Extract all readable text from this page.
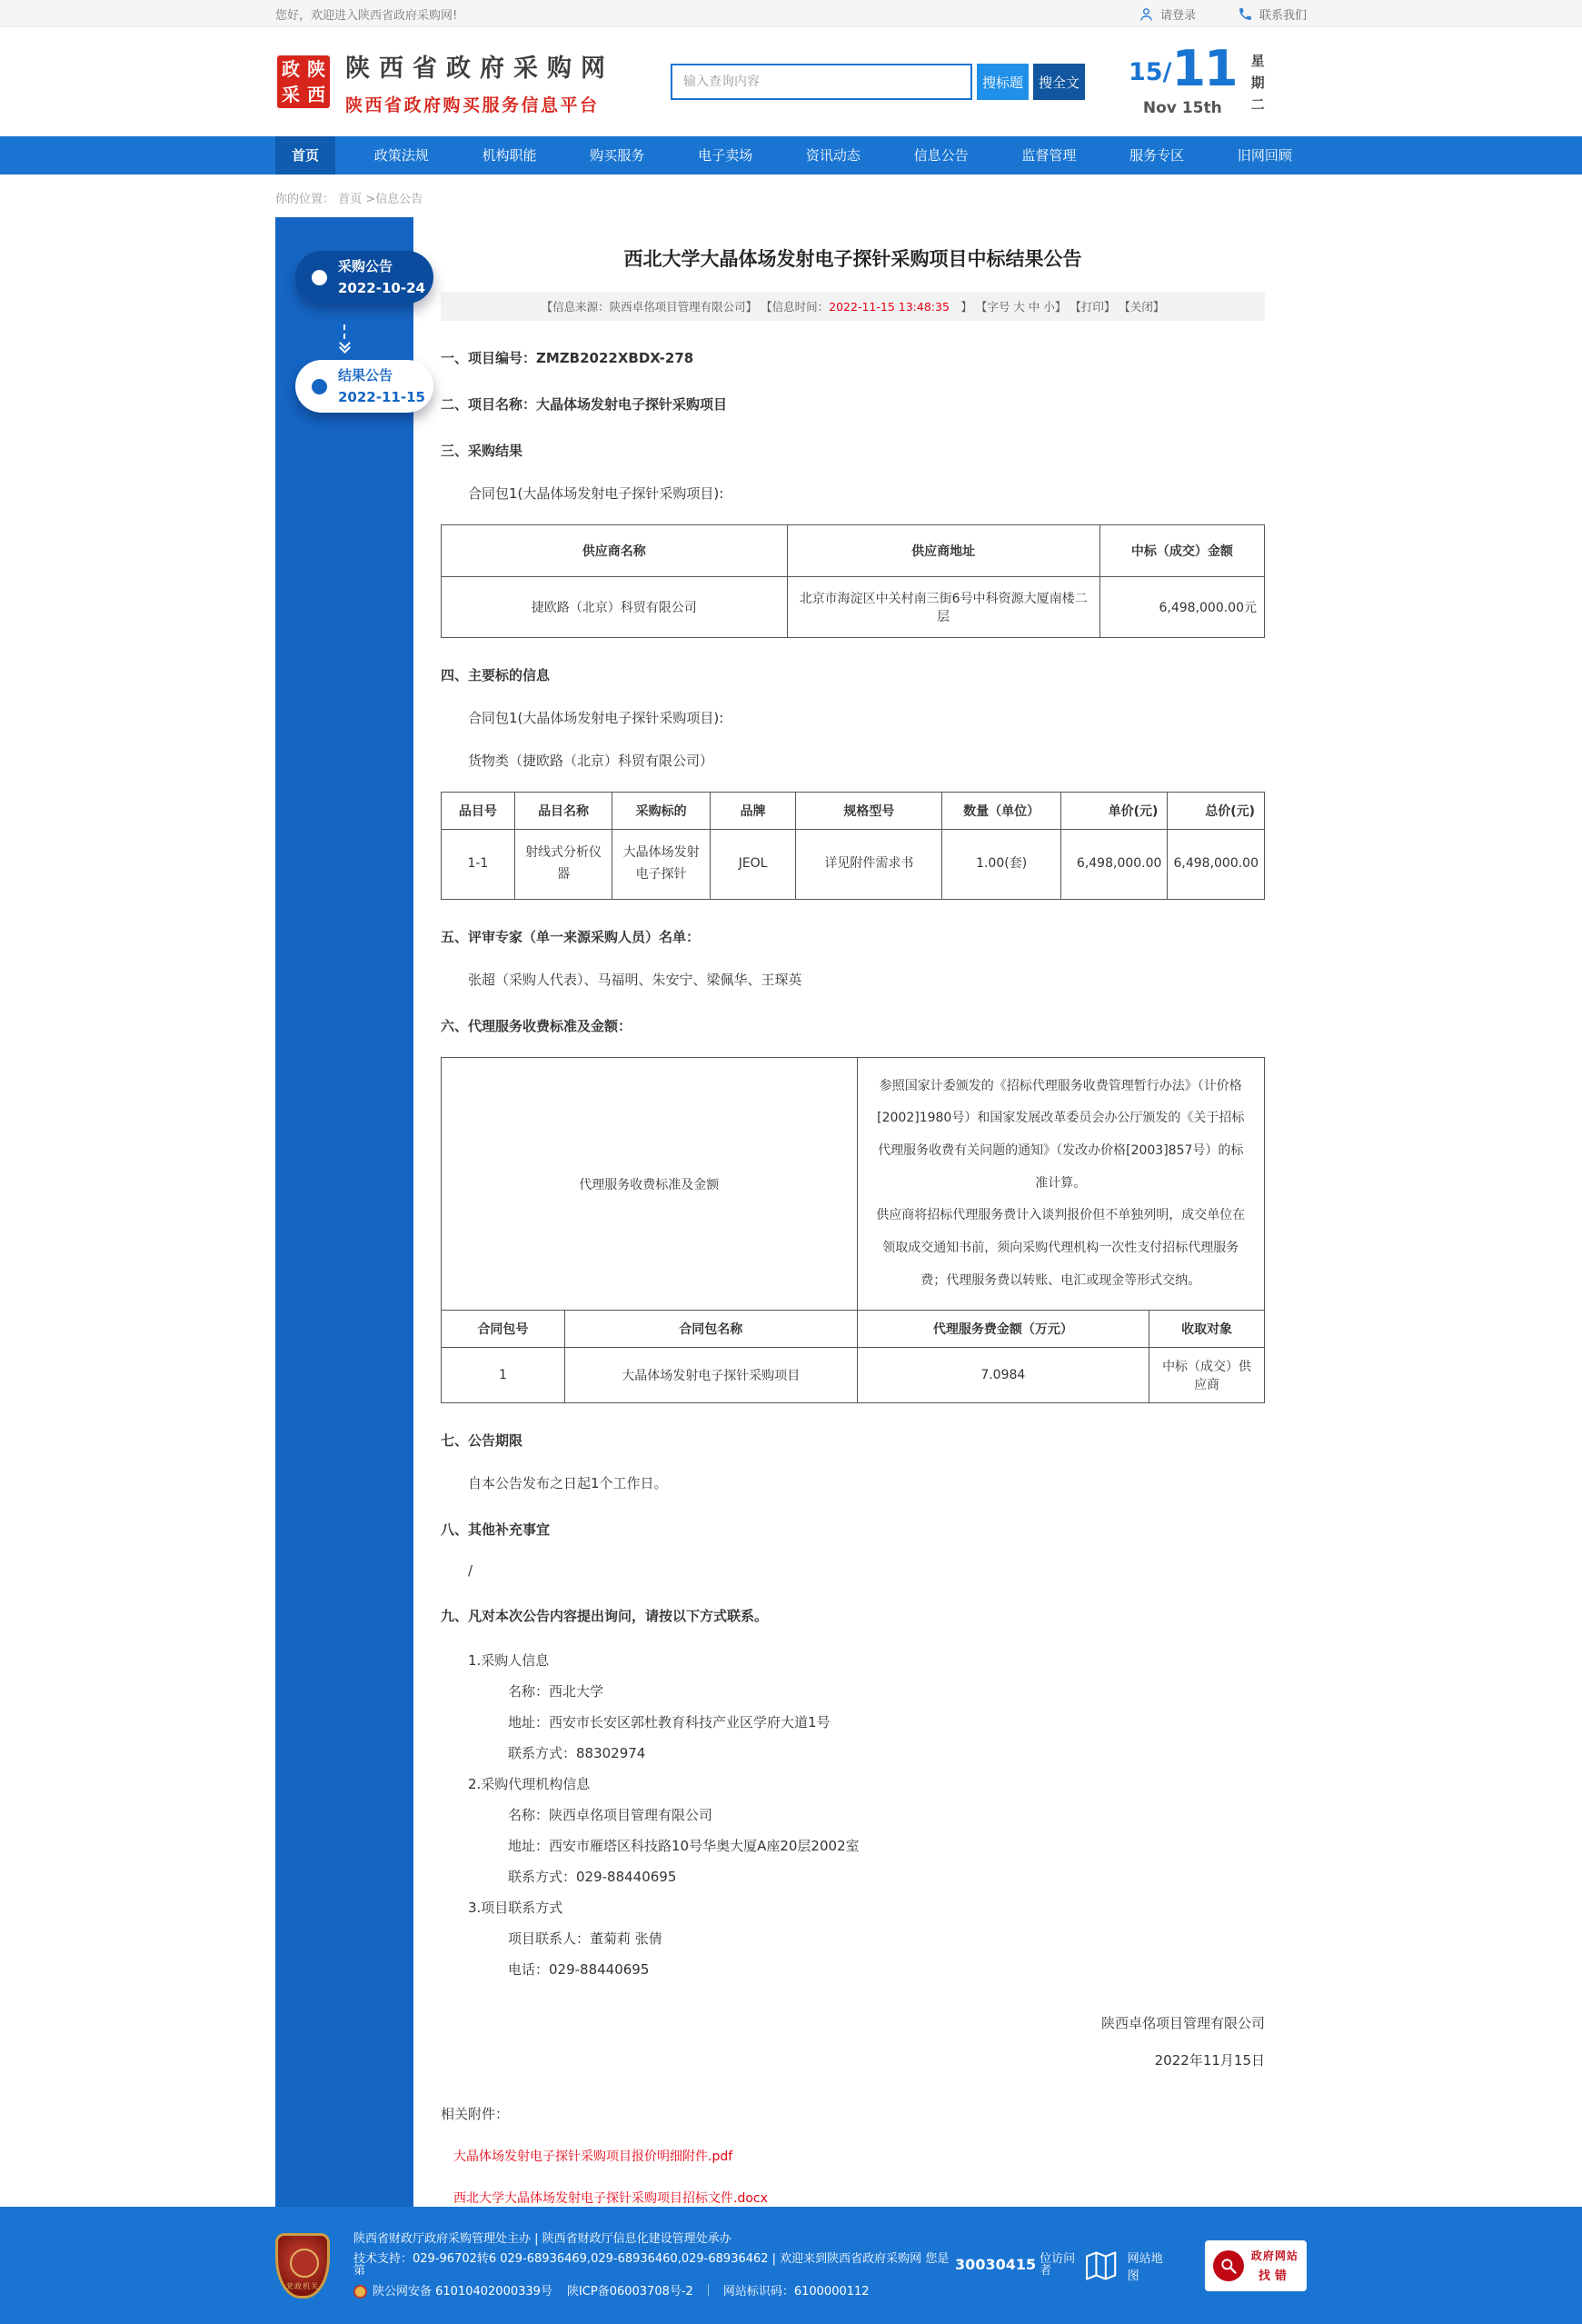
您好，欢迎进入陕西省政府采购网!	请登录	联系我们
政 陕
采 西
陕西省政府采购网
陕西省政府购买服务信息平台
输入查询内容
搜标题	搜全文 15/ 11
Nov 15th
星期二
首页	政策法规	机构职能	购买服务	电子卖场	资讯动态	信息公告	监督管理	服务专区	旧网回顾
你的位置： 首页 >信息公告
采购公告
2022-10-24
结果公告
2022-11-15
西北大学大晶体场发射电子探针采购项目中标结果公告
【信息来源：陕西卓佲项目管理有限公司】 【信息时间：2022-11-15 13:48:35　】 【字号 大 中 小】 【打印】 【关闭】

一、项目编号：ZMZB2022XBDX-278

二、项目名称：大晶体场发射电子探针采购项目

三、采购结果

合同包1(大晶体场发射电子探针采购项目):

供应商名称	供应商地址	中标（成交）金额
捷欧路（北京）科贸有限公司	北京市海淀区中关村南三街6号中科资源大厦南楼二层	6,498,000.00元

四、主要标的信息

合同包1(大晶体场发射电子探针采购项目):

货物类（捷欧路（北京）科贸有限公司）

品目号	品目名称	采购标的	品牌	规格型号	数量（单位）	单价(元)	总价(元)
1-1	射线式分析仪器	大晶体场发射电子探针	JEOL	详见附件需求书	1.00(套)	6,498,000.00	6,498,000.00

五、评审专家（单一来源采购人员）名单：

张超（采购人代表）、马福明、朱安宁、梁佩华、王琛英

六、代理服务收费标准及金额：

代理服务收费标准及金额		参照国家计委颁发的《招标代理服务收费管理暂行办法》（计价格[2002]1980号）和国家发展改革委员会办公厅颁发的《关于招标代理服务收费有关问题的通知》（发改办价格[2003]857号）的标准计算。
供应商将招标代理服务费计入谈判报价但不单独列明，成交单位在领取成交通知书前，须向采购代理机构一次性支付招标代理服务费；代理服务费以转账、电汇或现金等形式交纳。	

合同包号	合同包名称	代理服务费金额（万元）	收取对象
1	大晶体场发射电子探针采购项目	7.0984	中标（成交）供应商

七、公告期限

自本公告发布之日起1个工作日。

八、其他补充事宜

/

九、凡对本次公告内容提出询问，请按以下方式联系。

1.采购人信息

名称：西北大学

地址：西安市长安区郭杜教育科技产业区学府大道1号

联系方式：88302974

2.采购代理机构信息

名称：陕西卓佲项目管理有限公司

地址：西安市雁塔区科技路10号华奥大厦A座20层2002室

联系方式：029-88440695

3.项目联系方式

项目联系人：董菊莉 张倩

电话：029-88440695

陕西卓佲项目管理有限公司
2022年11月15日
相关附件：
大晶体场发射电子探针采购项目报价明细附件.pdf
西北大学大晶体场发射电子探针采购项目招标文件.docx
党政机关
陕西省财政厅政府采购管理处主办 | 陕西省财政厅信息化建设管理处承办
技术支持：029-96702转6 029-68936469,029-68936460,029-68936462 | 欢迎来到陕西省政府采购网 您是第	30030415 位访问者
陕公网安备 61010402000339号 陕ICP备06003708号-2 ｜ 网站标识码：6100000112
网站地图
政府网站
找错
